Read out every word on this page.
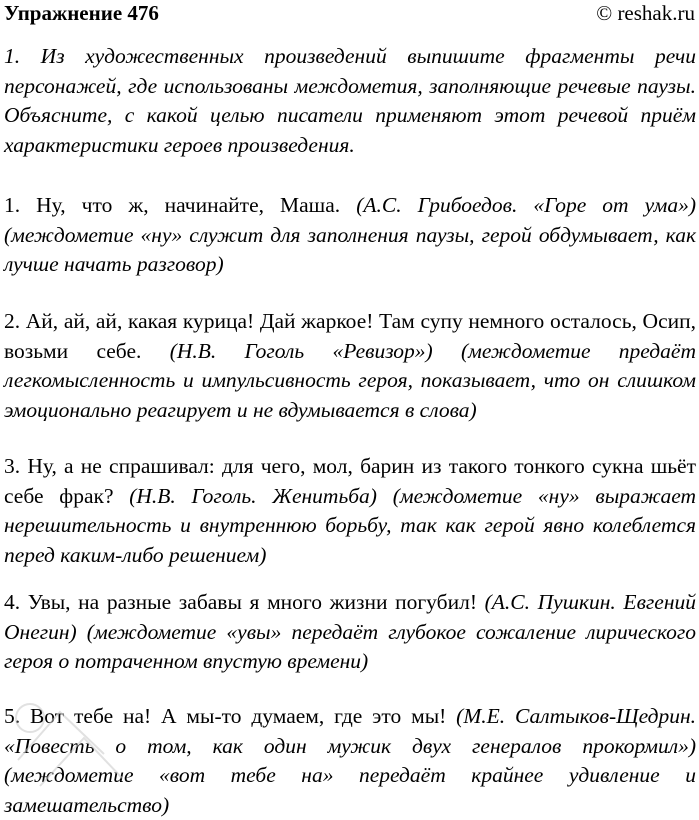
Упражнение 476	© reshak.ru
1. Из художественных произведений выпишите фрагменты речи персонажей, где использованы междометия, заполняющие речевые паузы. Объясните, с какой целью писатели применяют этот речевой приём характеристики героев произведения.
1. Ну, что ж, начинайте, Маша. (А.С. Грибоедов. «Горе от ума») (междометие «ну» служит для заполнения паузы, герой обдумывает, как лучше начать разговор)
2. Ай, ай, ай, какая курица! Дай жаркое! Там супу немного осталось, Осип, возьми себе. (Н.В. Гоголь «Ревизор») (междометие предаёт легкомысленность и импульсивность героя, показывает, что он слишком эмоционально реагирует и не вдумывается в слова)
3. Ну, а не спрашивал: для чего, мол, барин из такого тонкого сукна шьёт себе фрак? (Н.В. Гоголь. Женитьба) (междометие «ну» выражает нерешительность и внутреннюю борьбу, так как герой явно колеблется перед каким-либо решением)
4. Увы, на разные забавы я много жизни погубил! (А.С. Пушкин. Евгений Онегин) (междометие «увы» передаёт глубокое сожаление лирического героя о потраченном впустую времени)
5. Вот тебе на! А мы-то думаем, где это мы! (М.Е. Салтыков-Щедрин. «Повесть о том, как один мужик двух генералов прокормил») (междометие «вот тебе на» передаёт крайнее удивление и замешательство)
